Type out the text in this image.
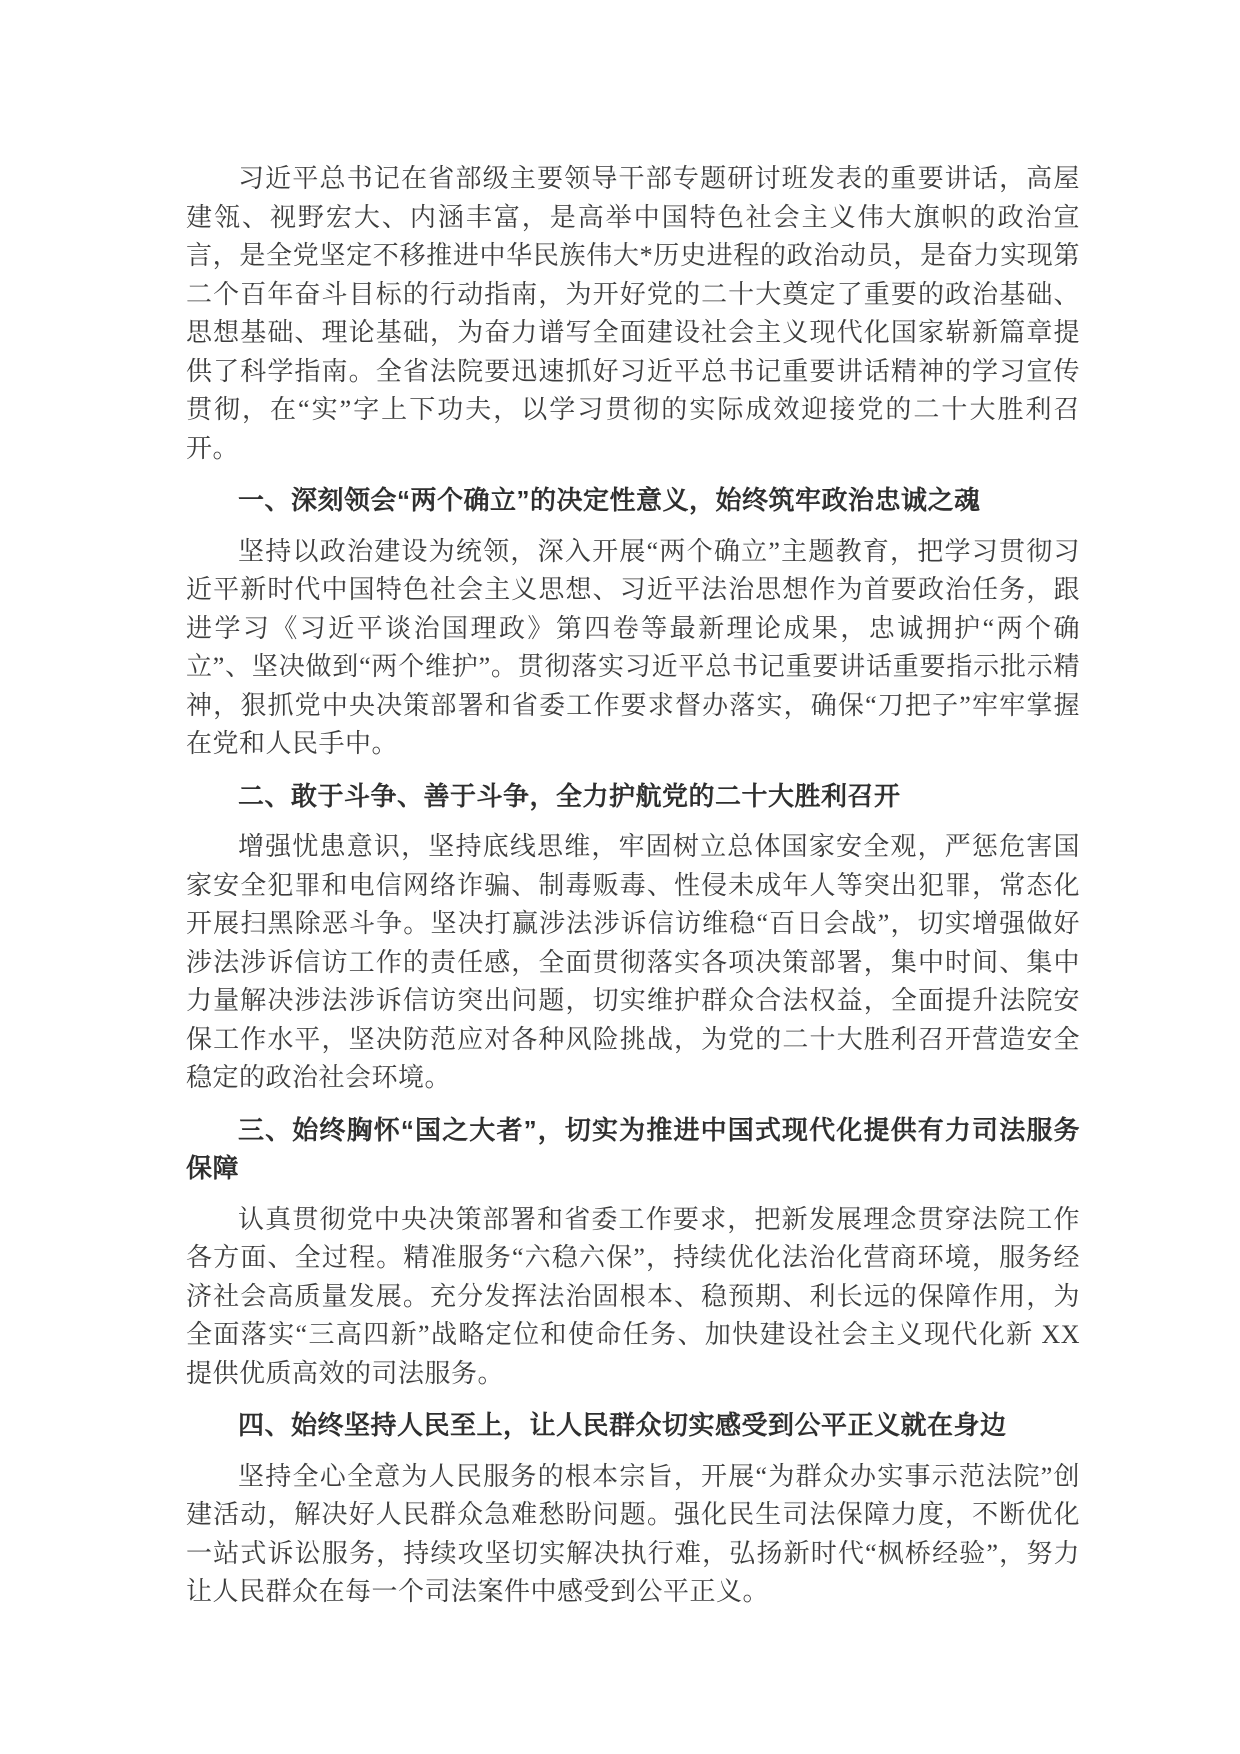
习近平总书记在省部级主要领导干部专题研讨班发表的重要讲话，高屋建瓴、视野宏大、内涵丰富，是高举中国特色社会主义伟大旗帜的政治宣言，是全党坚定不移推进中华民族伟大*历史进程的政治动员，是奋力实现第二个百年奋斗目标的行动指南，为开好党的二十大奠定了重要的政治基础、思想基础、理论基础，为奋力谱写全面建设社会主义现代化国家崭新篇章提供了科学指南。全省法院要迅速抓好习近平总书记重要讲话精神的学习宣传贯彻，在“实”字上下功夫，以学习贯彻的实际成效迎接党的二十大胜利召开。

一、深刻领会“两个确立”的决定性意义，始终筑牢政治忠诚之魂

坚持以政治建设为统领，深入开展“两个确立”主题教育，把学习贯彻习近平新时代中国特色社会主义思想、习近平法治思想作为首要政治任务，跟进学习《习近平谈治国理政》第四卷等最新理论成果，忠诚拥护“两个确立”、坚决做到“两个维护”。贯彻落实习近平总书记重要讲话重要指示批示精神，狠抓党中央决策部署和省委工作要求督办落实，确保“刀把子”牢牢掌握在党和人民手中。

二、敢于斗争、善于斗争，全力护航党的二十大胜利召开

增强忧患意识，坚持底线思维，牢固树立总体国家安全观，严惩危害国家安全犯罪和电信网络诈骗、制毒贩毒、性侵未成年人等突出犯罪，常态化开展扫黑除恶斗争。坚决打赢涉法涉诉信访维稳“百日会战”，切实增强做好涉法涉诉信访工作的责任感，全面贯彻落实各项决策部署，集中时间、集中力量解决涉法涉诉信访突出问题，切实维护群众合法权益，全面提升法院安保工作水平，坚决防范应对各种风险挑战，为党的二十大胜利召开营造安全稳定的政治社会环境。

三、始终胸怀“国之大者”，切实为推进中国式现代化提供有力司法服务保障

认真贯彻党中央决策部署和省委工作要求，把新发展理念贯穿法院工作各方面、全过程。精准服务“六稳六保”，持续优化法治化营商环境，服务经济社会高质量发展。充分发挥法治固根本、稳预期、利长远的保障作用，为全面落实“三高四新”战略定位和使命任务、加快建设社会主义现代化新 XX 提供优质高效的司法服务。

四、始终坚持人民至上，让人民群众切实感受到公平正义就在身边

坚持全心全意为人民服务的根本宗旨，开展“为群众办实事示范法院”创建活动，解决好人民群众急难愁盼问题。强化民生司法保障力度，不断优化一站式诉讼服务，持续攻坚切实解决执行难，弘扬新时代“枫桥经验”，努力让人民群众在每一个司法案件中感受到公平正义。
